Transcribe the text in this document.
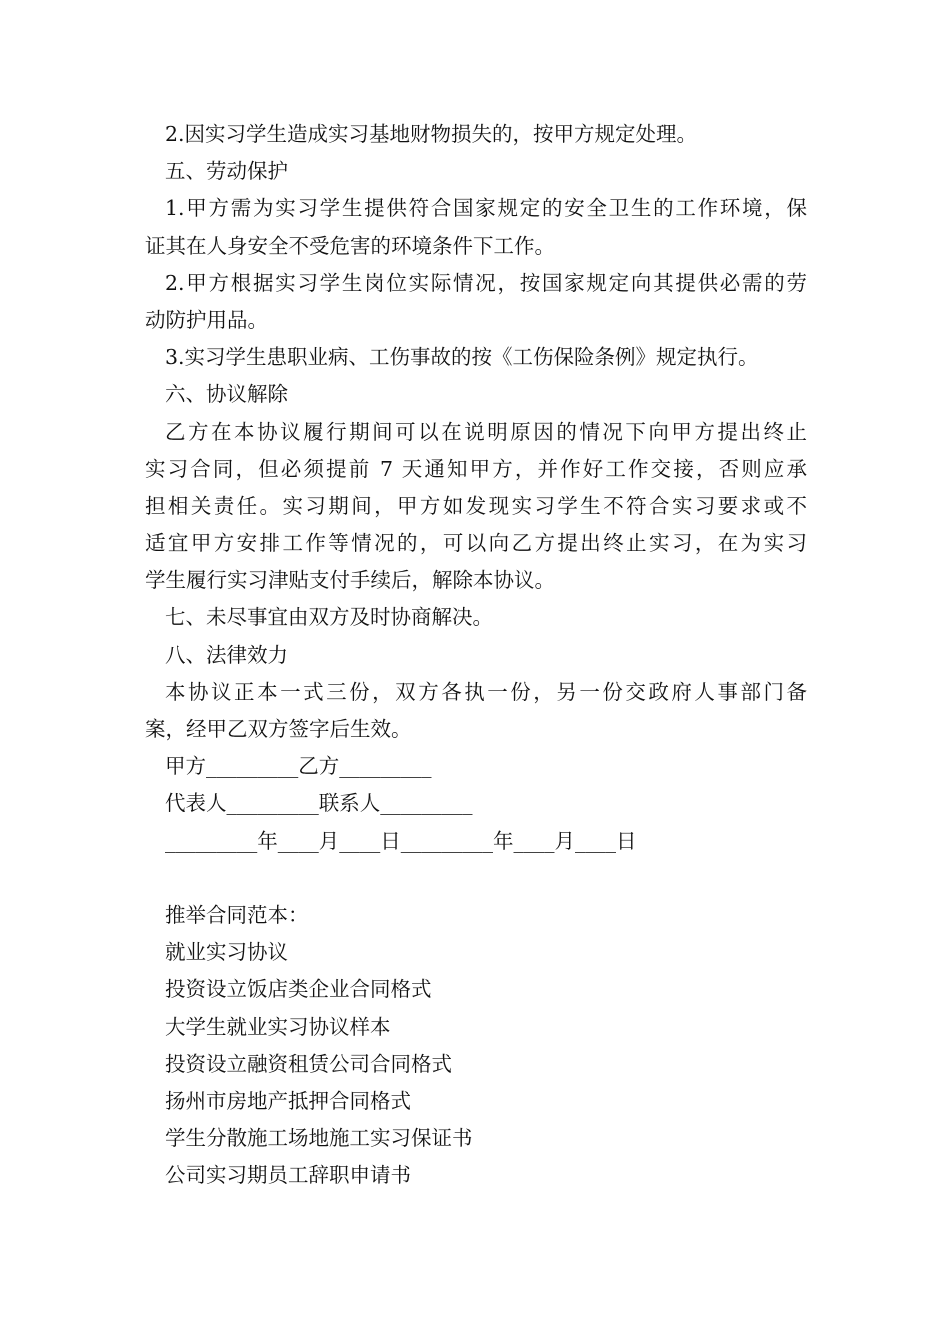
2.因实习学生造成实习基地财物损失的，按甲方规定处理。
五、劳动保护
1.甲方需为实习学生提供符合国家规定的安全卫生的工作环境，保
证其在人身安全不受危害的环境条件下工作。
2.甲方根据实习学生岗位实际情况，按国家规定向其提供必需的劳
动防护用品。
3.实习学生患职业病、工伤事故的按《工伤保险条例》规定执行。
六、协议解除
乙方在本协议履行期间可以在说明原因的情况下向甲方提出终止
实习合同，但必须提前 7 天通知甲方，并作好工作交接，否则应承
担相关责任。实习期间，甲方如发现实习学生不符合实习要求或不
适宜甲方安排工作等情况的，可以向乙方提出终止实习，在为实习
学生履行实习津贴支付手续后，解除本协议。
七、未尽事宜由双方及时协商解决。
八、法律效力
本协议正本一式三份，双方各执一份，另一份交政府人事部门备
案，经甲乙双方签字后生效。
甲方_________乙方_________
代表人_________联系人_________
_________年____月____日_________年____月____日
推举合同范本：
就业实习协议
投资设立饭店类企业合同格式
大学生就业实习协议样本
投资设立融资租赁公司合同格式
扬州市房地产抵押合同格式
学生分散施工场地施工实习保证书
公司实习期员工辞职申请书
